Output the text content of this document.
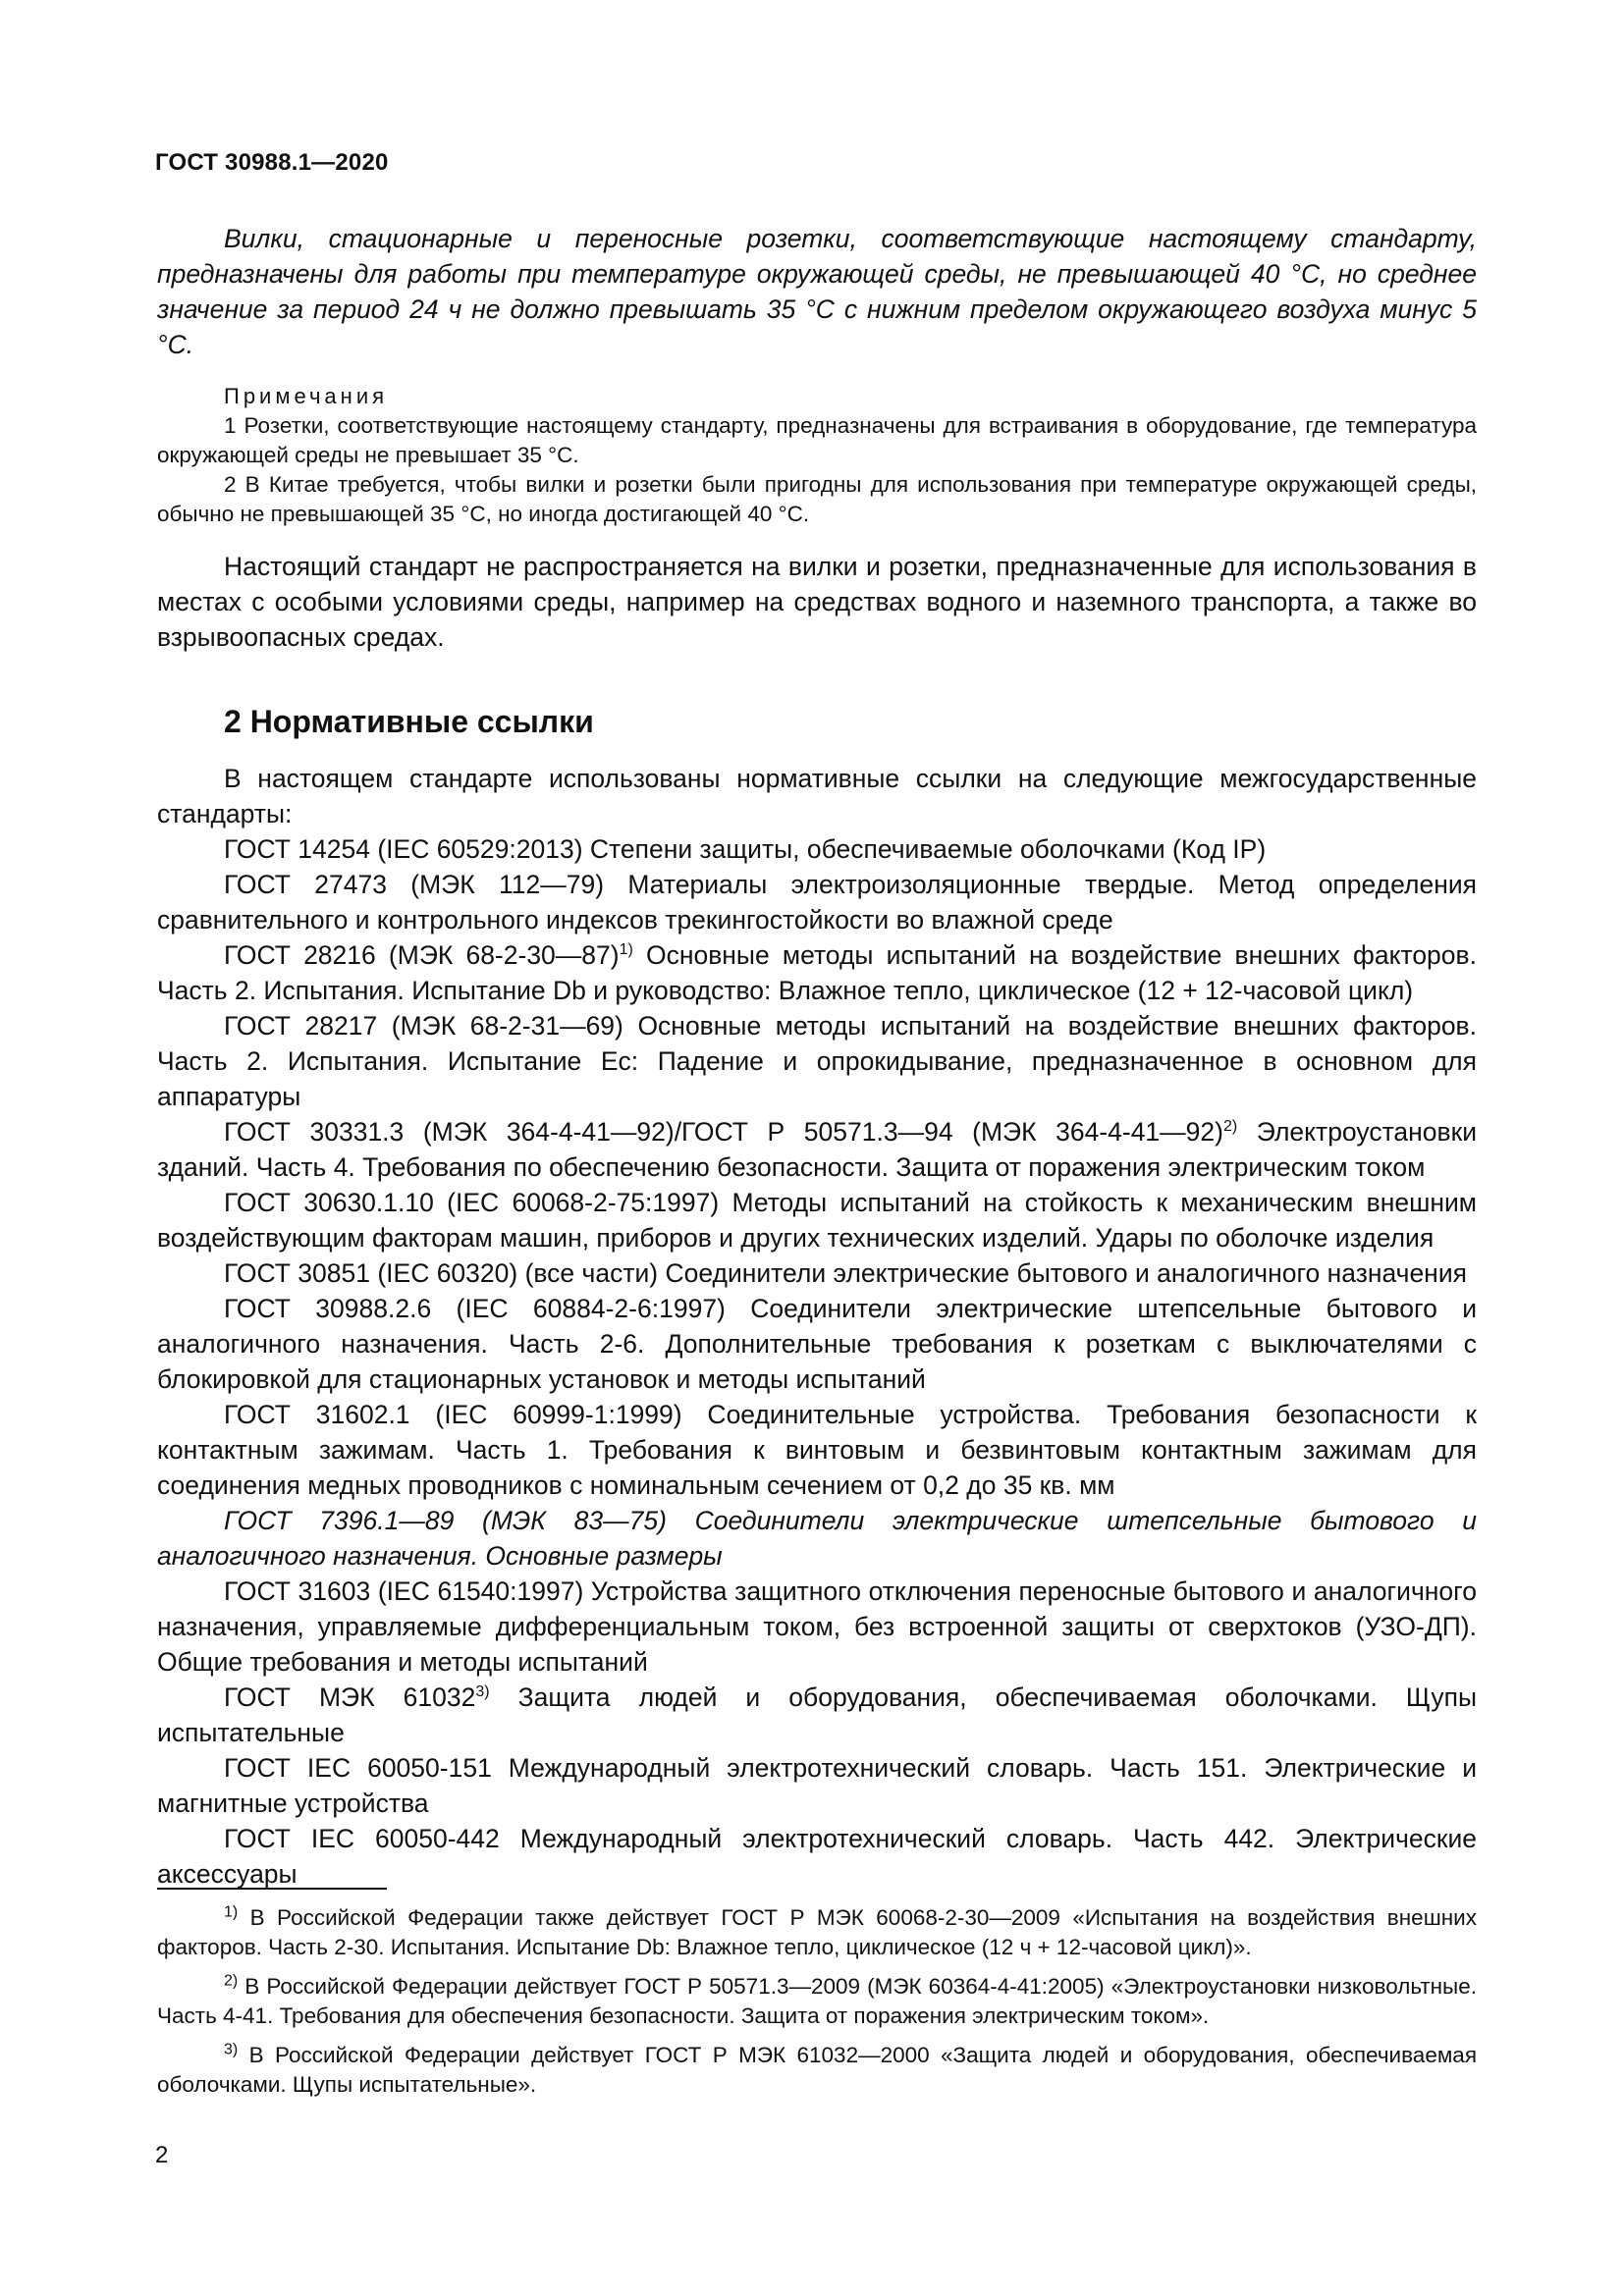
ГОСТ 30988.1—2020

Вилки, стационарные и переносные розетки, соответствующие настоящему стандарту, предназначены для работы при температуре окружающей среды, не превышающей 40 °С, но среднее значение за период 24 ч не должно превышать 35 °С с нижним пределом окружающего воздуха минус 5 °С.

Примечания

1 Розетки, соответствующие настоящему стандарту, предназначены для встраивания в оборудование, где температура окружающей среды не превышает 35 °С.

2 В Китае требуется, чтобы вилки и розетки были пригодны для использования при температуре окружающей среды, обычно не превышающей 35 °С, но иногда достигающей 40 °С.

Настоящий стандарт не распространяется на вилки и розетки, предназначенные для использования в местах с особыми условиями среды, например на средствах водного и наземного транспорта, а также во взрывоопасных средах.

2 Нормативные ссылки

В настоящем стандарте использованы нормативные ссылки на следующие межгосударственные стандарты:

ГОСТ 14254 (IEC 60529:2013) Степени защиты, обеспечиваемые оболочками (Код IP)

ГОСТ 27473 (МЭК 112—79) Материалы электроизоляционные твердые. Метод определения сравнительного и контрольного индексов трекингостойкости во влажной среде

ГОСТ 28216 (МЭК 68-2-30—87)$^{1)}$ Основные методы испытаний на воздействие внешних факторов. Часть 2. Испытания. Испытание Db и руководство: Влажное тепло, циклическое (12 + 12-часовой цикл)

ГОСТ 28217 (МЭК 68-2-31—69) Основные методы испытаний на воздействие внешних факторов. Часть 2. Испытания. Испытание Ec: Падение и опрокидывание, предназначенное в основном для аппаратуры

ГОСТ 30331.3 (МЭК 364-4-41—92)/ГОСТ Р 50571.3—94 (МЭК 364-4-41—92)$^{2)}$ Электроустановки зданий. Часть 4. Требования по обеспечению безопасности. Защита от поражения электрическим током

ГОСТ 30630.1.10 (IEC 60068-2-75:1997) Методы испытаний на стойкость к механическим внешним воздействующим факторам машин, приборов и других технических изделий. Удары по оболочке изделия

ГОСТ 30851 (IEC 60320) (все части) Соединители электрические бытового и аналогичного назначения

ГОСТ 30988.2.6 (IEC 60884-2-6:1997) Соединители электрические штепсельные бытового и аналогичного назначения. Часть 2-6. Дополнительные требования к розеткам с выключателями с блокировкой для стационарных установок и методы испытаний

ГОСТ 31602.1 (IEC 60999-1:1999) Соединительные устройства. Требования безопасности к контактным зажимам. Часть 1. Требования к винтовым и безвинтовым контактным зажимам для соединения медных проводников с номинальным сечением от 0,2 до 35 кв. мм

ГОСТ 7396.1—89 (МЭК 83—75) Соединители электрические штепсельные бытового и аналогичного назначения. Основные размеры

ГОСТ 31603 (IEC 61540:1997) Устройства защитного отключения переносные бытового и аналогичного назначения, управляемые дифференциальным током, без встроенной защиты от сверхтоков (УЗО-ДП). Общие требования и методы испытаний

ГОСТ МЭК 61032$^{3)}$ Защита людей и оборудования, обеспечиваемая оболочками. Щупы испытательные

ГОСТ IEC 60050-151 Международный электротехнический словарь. Часть 151. Электрические и магнитные устройства

ГОСТ IEC 60050-442 Международный электротехнический словарь. Часть 442. Электрические аксессуары

$^{1)}$ В Российской Федерации также действует ГОСТ Р МЭК 60068-2-30—2009 «Испытания на воздействия внешних факторов. Часть 2-30. Испытания. Испытание Db: Влажное тепло, циклическое (12 ч + 12-часовой цикл)».

$^{2)}$ В Российской Федерации действует ГОСТ Р 50571.3—2009 (МЭК 60364-4-41:2005) «Электроустановки низковольтные. Часть 4-41. Требования для обеспечения безопасности. Защита от поражения электрическим током».

$^{3)}$ В Российской Федерации действует ГОСТ Р МЭК 61032—2000 «Защита людей и оборудования, обеспечиваемая оболочками. Щупы испытательные».

2
